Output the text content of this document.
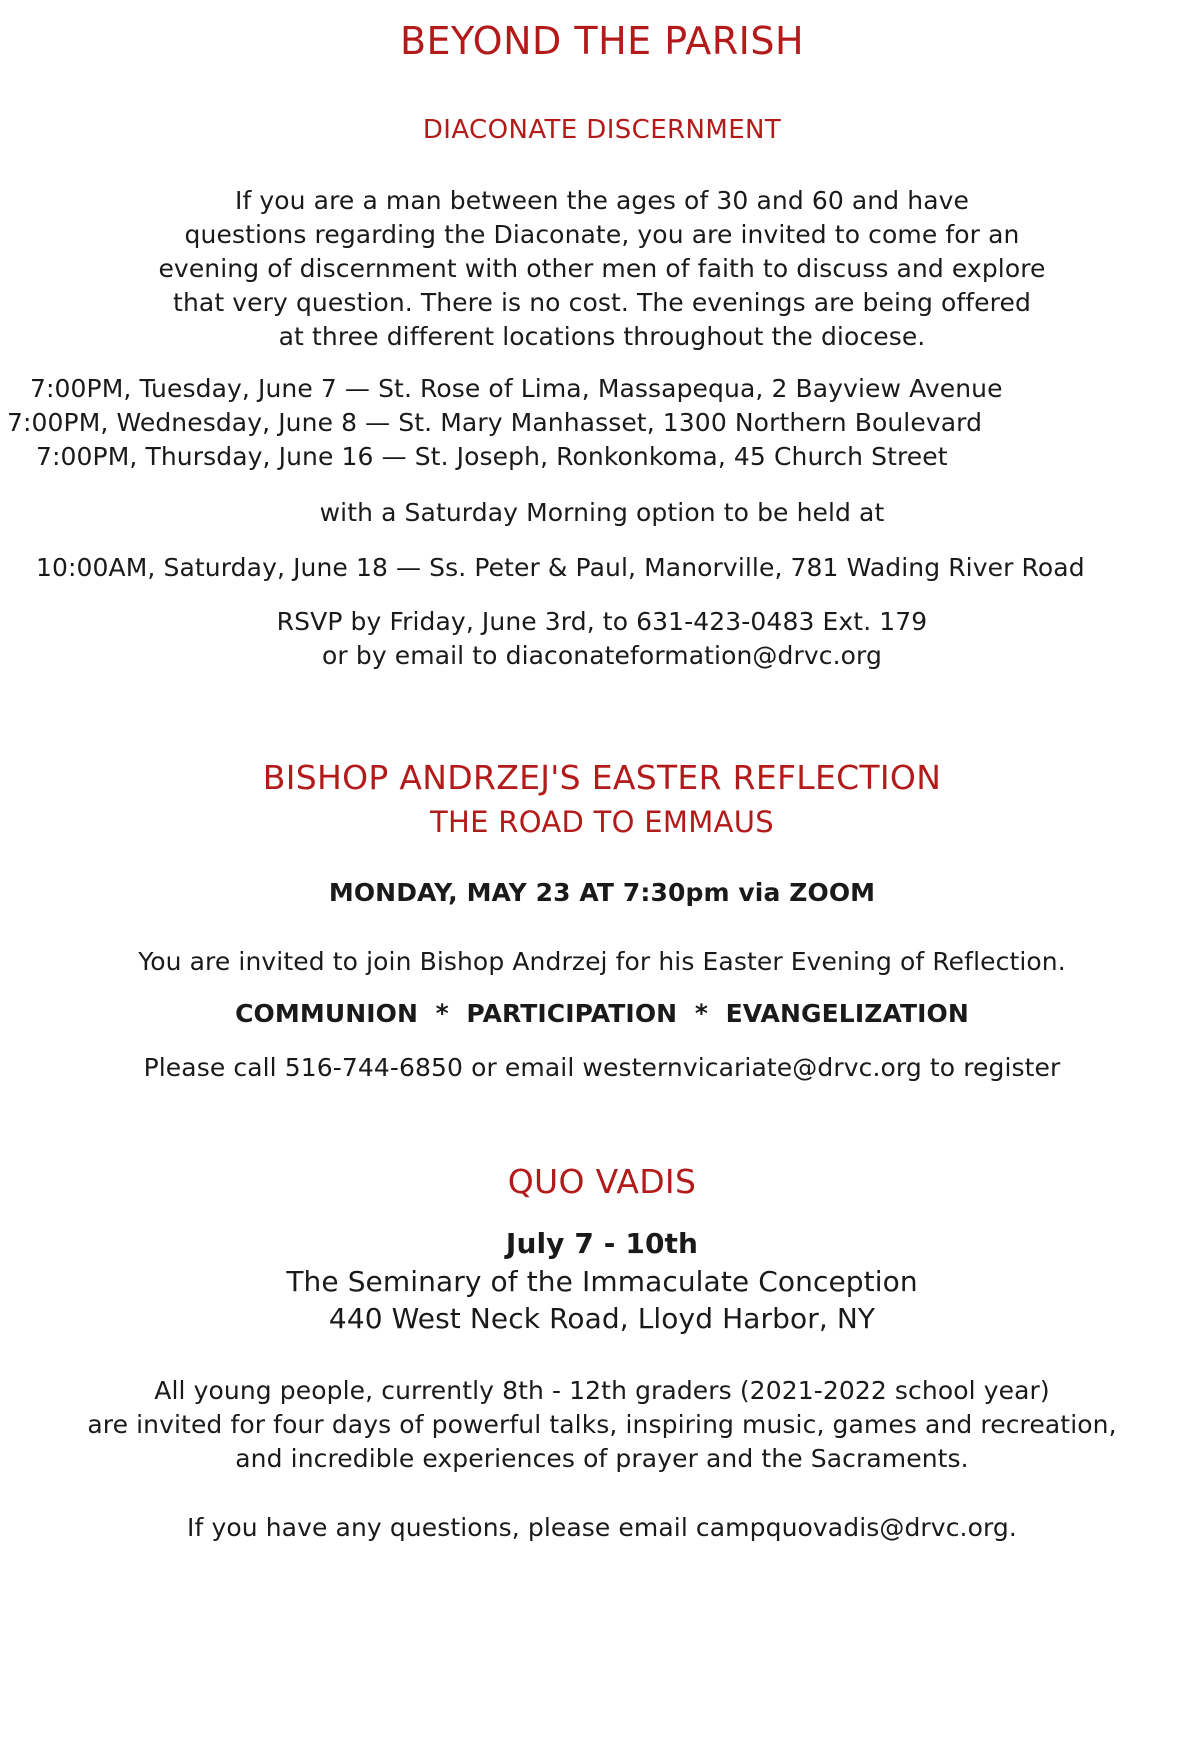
BEYOND THE PARISH
DIACONATE DISCERNMENT
If you are a man between the ages of 30 and 60 and have
questions regarding the Diaconate, you are invited to come for an
evening of discernment with other men of faith to discuss and explore
that very question. There is no cost. The evenings are being offered
at three different locations throughout the diocese.
7:00PM, Tuesday, June 7 — St. Rose of Lima, Massapequa, 2 Bayview Avenue
7:00PM, Wednesday, June 8 — St. Mary Manhasset, 1300 Northern Boulevard
7:00PM, Thursday, June 16 — St. Joseph, Ronkonkoma, 45 Church Street
with a Saturday Morning option to be held at
10:00AM, Saturday, June 18 — Ss. Peter & Paul, Manorville, 781 Wading River Road
RSVP by Friday, June 3rd, to 631-423-0483 Ext. 179
or by email to diaconateformation@drvc.org
BISHOP ANDRZEJ'S EASTER REFLECTION
THE ROAD TO EMMAUS
MONDAY, MAY 23 AT 7:30pm via ZOOM
You are invited to join Bishop Andrzej for his Easter Evening of Reflection.
COMMUNION  *  PARTICIPATION  *  EVANGELIZATION
Please call 516-744-6850 or email westernvicariate@drvc.org to register
QUO VADIS
July 7 - 10th
The Seminary of the Immaculate Conception
440 West Neck Road, Lloyd Harbor, NY
All young people, currently 8th - 12th graders (2021-2022 school year)
are invited for four days of powerful talks, inspiring music, games and recreation,
and incredible experiences of prayer and the Sacraments.
If you have any questions, please email campquovadis@drvc.org.
